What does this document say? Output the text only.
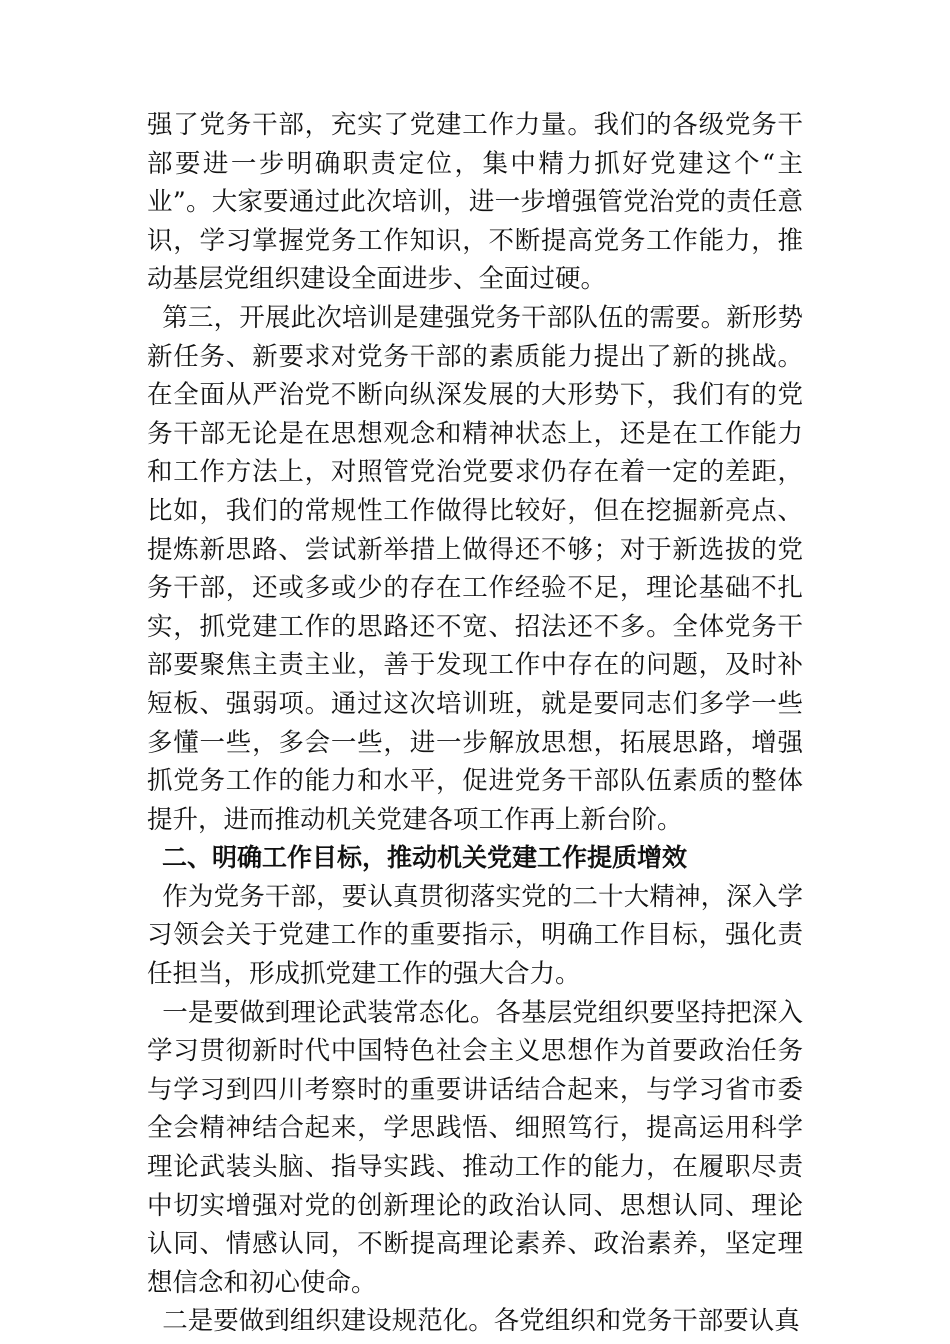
强了党务干部，充实了党建工作力量。我们的各级党务干部要进一步明确职责定位，集中精力抓好党建这个“主业”。大家要通过此次培训，进一步增强管党治党的责任意识，学习掌握党务工作知识，不断提高党务工作能力，推动基层党组织建设全面进步、全面过硬。

第三，开展此次培训是建强党务干部队伍的需要。新形势新任务、新要求对党务干部的素质能力提出了新的挑战。在全面从严治党不断向纵深发展的大形势下，我们有的党务干部无论是在思想观念和精神状态上，还是在工作能力和工作方法上，对照管党治党要求仍存在着一定的差距，比如，我们的常规性工作做得比较好，但在挖掘新亮点、提炼新思路、尝试新举措上做得还不够；对于新选拔的党务干部，还或多或少的存在工作经验不足，理论基础不扎实，抓党建工作的思路还不宽、招法还不多。全体党务干部要聚焦主责主业，善于发现工作中存在的问题，及时补短板、强弱项。通过这次培训班，就是要同志们多学一些多懂一些，多会一些，进一步解放思想，拓展思路，增强抓党务工作的能力和水平，促进党务干部队伍素质的整体提升，进而推动机关党建各项工作再上新台阶。

二、明确工作目标，推动机关党建工作提质增效

作为党务干部，要认真贯彻落实党的二十大精神，深入学习领会关于党建工作的重要指示，明确工作目标，强化责任担当，形成抓党建工作的强大合力。

一是要做到理论武装常态化。各基层党组织要坚持把深入学习贯彻新时代中国特色社会主义思想作为首要政治任务与学习到四川考察时的重要讲话结合起来，与学习省市委全会精神结合起来，学思践悟、细照笃行，提高运用科学理论武装头脑、指导实践、推动工作的能力，在履职尽责中切实增强对党的创新理论的政治认同、思想认同、理论认同、情感认同，不断提高理论素养、政治素养，坚定理想信念和初心使命。

二是要做到组织建设规范化。各党组织和党务干部要认真
